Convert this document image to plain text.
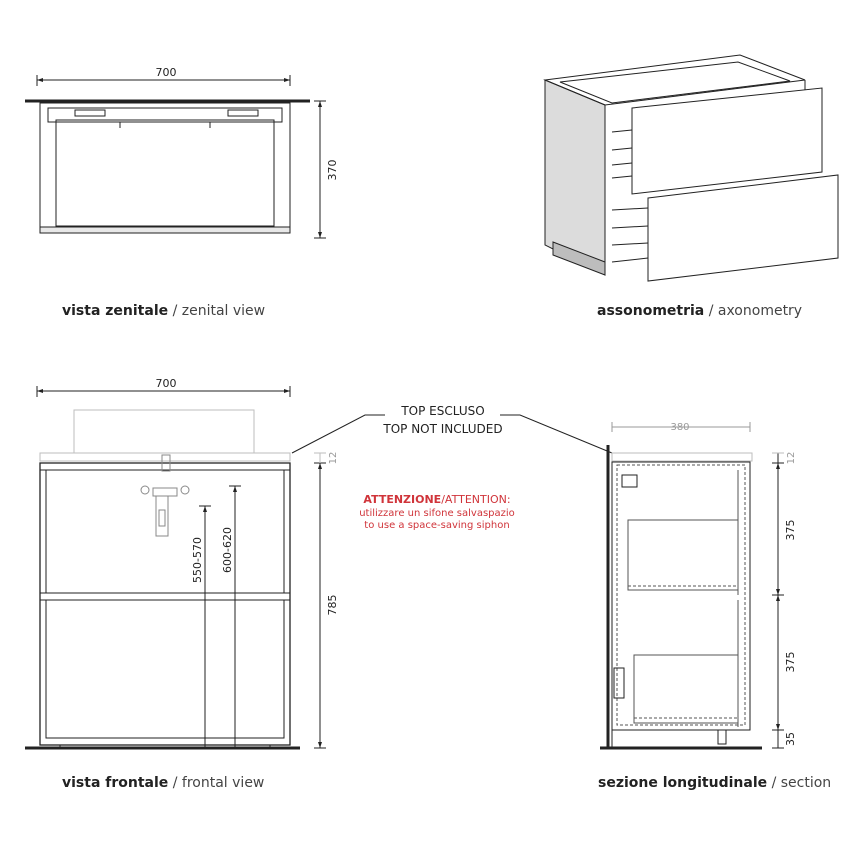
700
370
700
12
785
550-570 600-620
TOP ESCLUSO
TOP NOT INCLUDED
ATTENZIONE/ATTENTION:
utilizzare un sifone salvaspazio
to use a space-saving siphon
380
12
375
375
35
vista zenitale / zenital view	assonometria / axonometry
vista frontale / frontal view	sezione longitudinale / section
